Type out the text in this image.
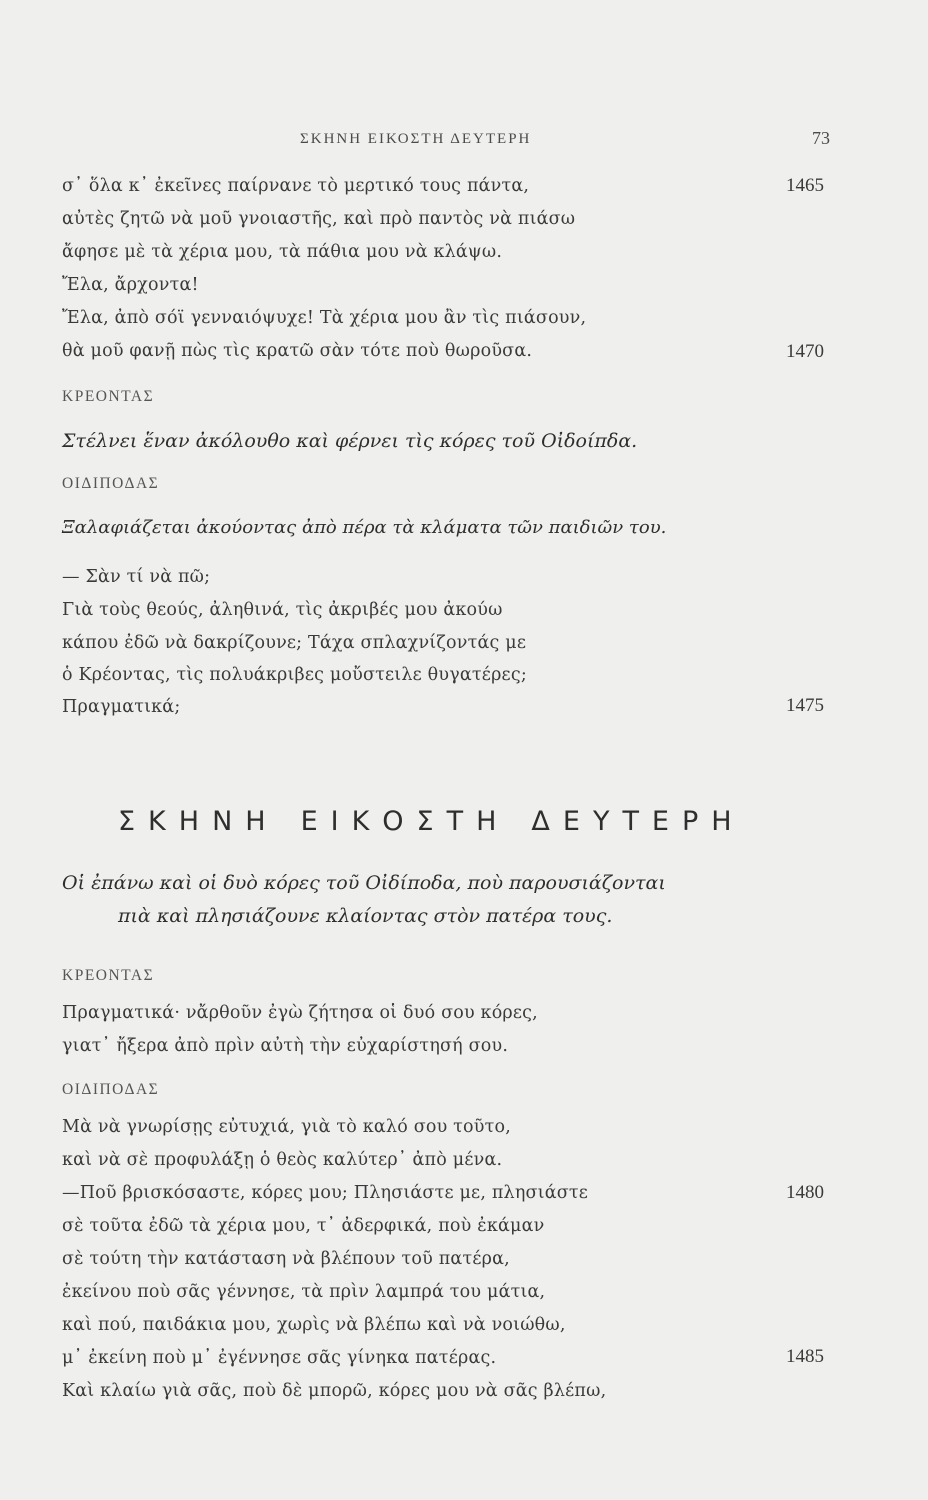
ΣΚΗΝΗ ΕΙΚΟΣΤΗ ΔΕΥΤΕΡΗ	73
σ᾽ ὅλα κ᾽ ἐκεῖνες παίρνανε τὸ μερτικό τους πάντα,	1465
αὐτὲς ζητῶ νὰ μοῦ γνοιαστῆς, καὶ πρὸ παντὸς νὰ πιάσω
ἄφησε μὲ τὰ χέρια μου, τὰ πάθια μου νὰ κλάψω.
Ἔλα, ἄρχοντα!
Ἔλα, ἀπὸ σόϊ γενναιόψυχε! Τὰ χέρια μου ἂν τὶς πιάσουν,
θὰ μοῦ φανῇ πὼς τὶς κρατῶ σὰν τότε ποὺ θωροῦσα.	1470
ΚΡΕΟΝΤΑΣ
Στέλνει ἕναν ἀκόλουθο καὶ φέρνει τὶς κόρες τοῦ Οἰδοίπδα.
ΟΙΔΙΠΟΔΑΣ
Ξαλαφιάζεται ἀκούοντας ἀπὸ πέρα τὰ κλάματα τῶν παιδιῶν του.
— Σὰν τί νὰ πῶ;
Γιὰ τοὺς θεούς, ἀληθινά, τὶς ἀκριβές μου ἀκούω
κάπου ἐδῶ νὰ δακρίζουνε; Τάχα σπλαχνίζοντάς με
ὁ Κρέοντας, τὶς πολυάκριβες μοὔστειλε θυγατέρες;
Πραγματικά;	1475
ΣΚΗΝΗ ΕΙΚΟΣΤΗ ΔΕΥΤΕΡΗ
Οἱ ἐπάνω καὶ οἱ δυὸ κόρες τοῦ Οἰδίποδα, ποὺ παρουσιάζονται
πιὰ καὶ πλησιάζουνε κλαίοντας στὸν πατέρα τους.
ΚΡΕΟΝΤΑΣ
Πραγματικά· νἄρθοῦν ἐγὼ ζήτησα οἱ δυό σου κόρες,
γιατ᾽ ἤξερα ἀπὸ πρὶν αὐτὴ τὴν εὐχαρίστησή σου.
ΟΙΔΙΠΟΔΑΣ
Μὰ νὰ γνωρίσῃς εὐτυχιά, γιὰ τὸ καλό σου τοῦτο,
καὶ νὰ σὲ προφυλάξῃ ὁ θεὸς καλύτερ᾽ ἀπὸ μένα.
—Ποῦ βρισκόσαστε, κόρες μου; Πλησιάστε με, πλησιάστε	1480
σὲ τοῦτα ἐδῶ τὰ χέρια μου, τ᾽ ἀδερφικά, ποὺ ἐκάμαν
σὲ τούτη τὴν κατάσταση νὰ βλέπουν τοῦ πατέρα,
ἐκείνου ποὺ σᾶς γέννησε, τὰ πρὶν λαμπρά του μάτια,
καὶ πού, παιδάκια μου, χωρὶς νὰ βλέπω καὶ νὰ νοιώθω,
μ᾽ ἐκείνη ποὺ μ᾽ ἐγέννησε σᾶς γίνηκα πατέρας.	1485
Καὶ κλαίω γιὰ σᾶς, ποὺ δὲ μπορῶ, κόρες μου νὰ σᾶς βλέπω,
